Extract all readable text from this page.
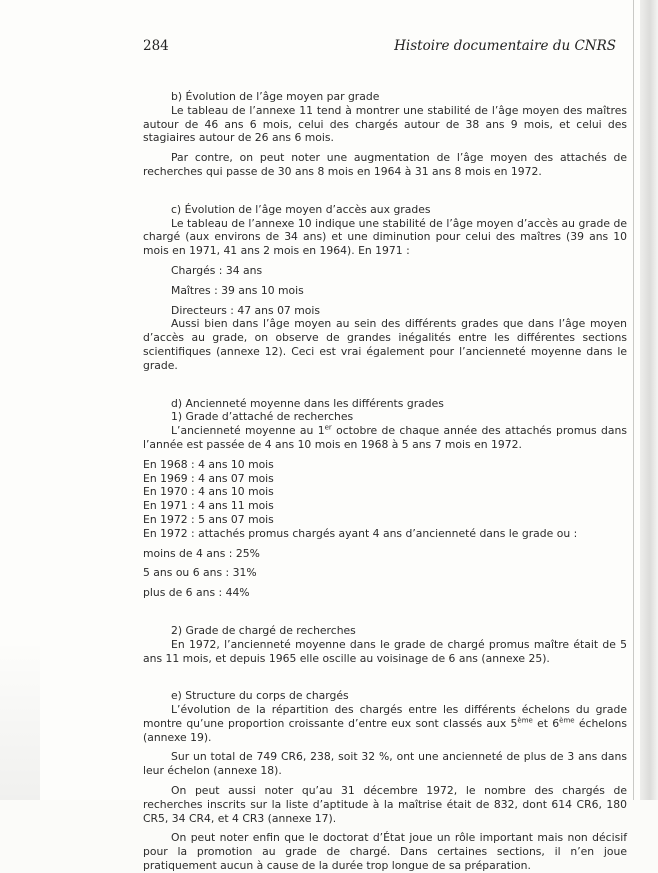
284	Histoire documentaire du CNRS

b) Évolution de l’âge moyen par grade

Le tableau de l’annexe 11 tend à montrer une stabilité de l’âge moyen des maîtres autour de 46 ans 6 mois, celui des chargés autour de 38 ans 9 mois, et celui des stagiaires autour de 26 ans 6 mois.

Par contre, on peut noter une augmentation de l’âge moyen des attachés de recherches qui passe de 30 ans 8 mois en 1964 à 31 ans 8 mois en 1972.

c) Évolution de l’âge moyen d’accès aux grades

Le tableau de l’annexe 10 indique une stabilité de l’âge moyen d’accès au grade de chargé (aux environs de 34 ans) et une diminution pour celui des maîtres (39 ans 10 mois en 1971, 41 ans 2 mois en 1964). En 1971 :

Chargés : 34 ans

Maîtres : 39 ans 10 mois

Directeurs : 47 ans 07 mois

Aussi bien dans l’âge moyen au sein des différents grades que dans l’âge moyen d’accès au grade, on observe de grandes inégalités entre les différentes sections scientifiques (annexe 12). Ceci est vrai également pour l’ancienneté moyenne dans le grade.

d) Ancienneté moyenne dans les différents grades

1) Grade d’attaché de recherches

L’ancienneté moyenne au 1er octobre de chaque année des attachés promus dans l’année est passée de 4 ans 10 mois en 1968 à 5 ans 7 mois en 1972.

En 1968 : 4 ans 10 mois

En 1969 : 4 ans 07 mois

En 1970 : 4 ans 10 mois

En 1971 : 4 ans 11 mois

En 1972 : 5 ans 07 mois

En 1972 : attachés promus chargés ayant 4 ans d’ancienneté dans le grade ou :

moins de 4 ans : 25%

5 ans ou 6 ans : 31%

plus de 6 ans : 44%

2) Grade de chargé de recherches

En 1972, l’ancienneté moyenne dans le grade de chargé promus maître était de 5 ans 11 mois, et depuis 1965 elle oscille au voisinage de 6 ans (annexe 25).

e) Structure du corps de chargés

L’évolution de la répartition des chargés entre les différents échelons du grade montre qu’une proportion croissante d’entre eux sont classés aux 5ème et 6ème échelons (annexe 19).

Sur un total de 749 CR6, 238, soit 32 %, ont une ancienneté de plus de 3 ans dans leur échelon (annexe 18).

On peut aussi noter qu’au 31 décembre 1972, le nombre des chargés de recherches inscrits sur la liste d’aptitude à la maîtrise était de 832, dont 614 CR6, 180 CR5, 34 CR4, et 4 CR3 (annexe 17).

On peut noter enfin que le doctorat d’État joue un rôle important mais non décisif pour la promotion au grade de chargé. Dans certaines sections, il n’en joue pratiquement aucun à cause de la durée trop longue de sa préparation.
